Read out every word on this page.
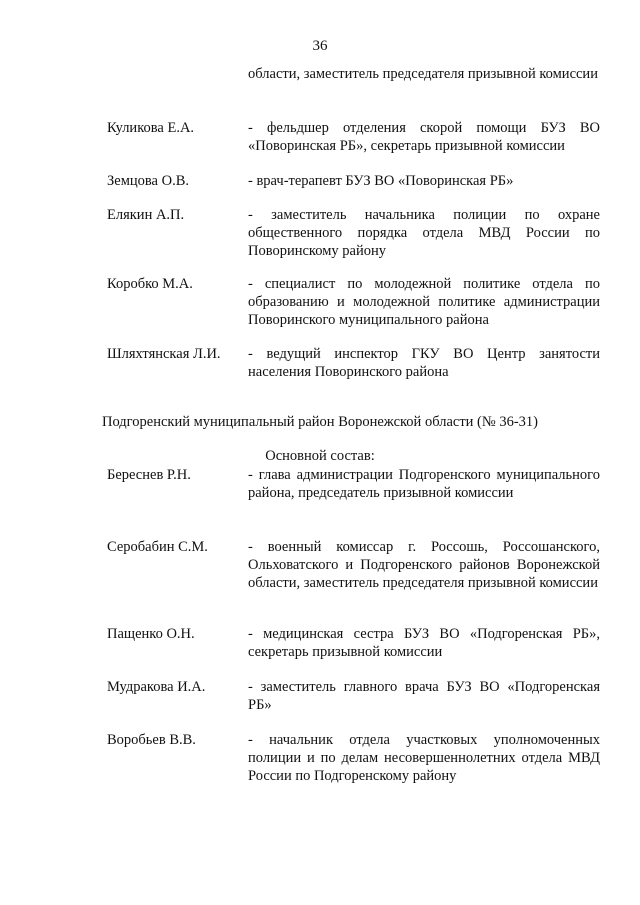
36
области, заместитель председателя призывной комиссии
Куликова Е.А.	- фельдшер отделения скорой помощи БУЗ ВО «Поворинская РБ», секретарь призывной комиссии
Земцова О.В.	- врач-терапевт БУЗ ВО «Поворинская РБ»
Елякин А.П.	- заместитель начальника полиции по охране общественного порядка отдела МВД России по Поворинскому району
Коробко М.А.	- специалист по молодежной политике отдела по образованию и молодежной политике администрации Поворинского муниципального района
Шляхтянская Л.И. - ведущий инспектор ГКУ ВО Центр занятости населения Поворинского района
Подгоренский муниципальный район Воронежской области (№ 36-31)
Основной состав:
Береснев Р.Н.	- глава администрации Подгоренского муниципального района, председатель призывной комиссии
Серобабин С.М.	- военный комиссар г. Россошь, Россошанского, Ольховатского и Подгоренского районов Воронежской области, заместитель председателя призывной комиссии
Пащенко О.Н.	- медицинская сестра БУЗ ВО «Подгоренская РБ», секретарь призывной комиссии
Мудракова И.А.	- заместитель главного врача БУЗ ВО «Подгоренская РБ»
Воробьев В.В.	- начальник отдела участковых уполномоченных полиции и по делам несовершеннолетних отдела МВД России по Подгоренскому району
